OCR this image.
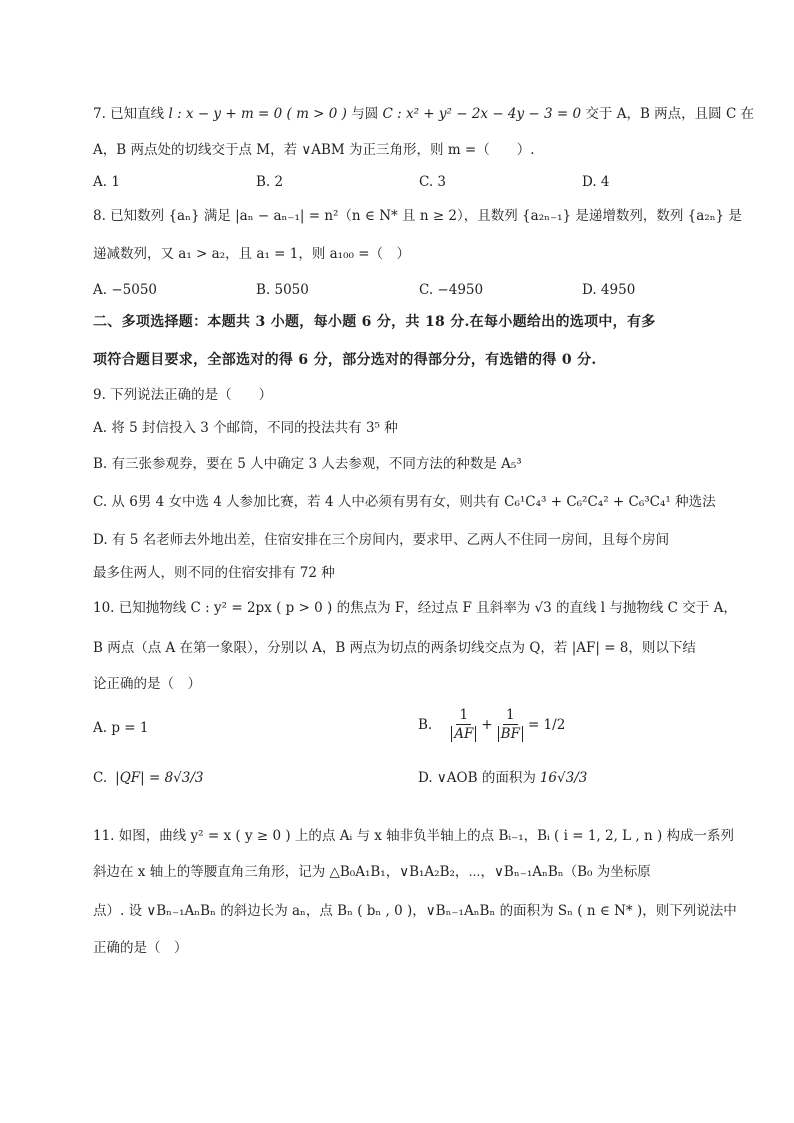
7. 已知直线 l : x − y + m = 0 ( m > 0 ) 与圆 C : x² + y² − 2x − 4y − 3 = 0 交于 A，B 两点，且圆 C 在
A，B 两点处的切线交于点 M，若 ∨ABM 为正三角形，则 m =（　　）.
A. 1	B. 2	C. 3	D. 4
8. 已知数列 {aₙ} 满足 |aₙ − aₙ₋₁| = n²（n ∈ N* 且 n ≥ 2），且数列 {a₂ₙ₋₁} 是递增数列，数列 {a₂ₙ} 是
递减数列，又 a₁ > a₂，且 a₁ = 1，则 a₁₀₀ =（　）
A. −5050	B. 5050	C. −4950	D. 4950
二、多项选择题：本题共 3 小题，每小题 6 分，共 18 分.在每小题给出的选项中，有多
项符合题目要求，全部选对的得 6 分，部分选对的得部分分，有选错的得 0 分.
9. 下列说法正确的是（　　）
A. 将 5 封信投入 3 个邮筒，不同的投法共有 3⁵ 种
B. 有三张参观券，要在 5 人中确定 3 人去参观，不同方法的种数是 A₅³
C. 从 6男 4 女中选 4 人参加比赛，若 4 人中必须有男有女，则共有 C₆¹C₄³ + C₆²C₄² + C₆³C₄¹ 种选法
D. 有 5 名老师去外地出差，住宿安排在三个房间内，要求甲、乙两人不住同一房间，且每个房间
最多住两人，则不同的住宿安排有 72 种
10. 已知抛物线 C : y² = 2px ( p > 0 ) 的焦点为 F，经过点 F 且斜率为 √3 的直线 l 与抛物线 C 交于 A，
B 两点（点 A 在第一象限），分别以 A，B 两点为切点的两条切线交点为 Q，若 |AF| = 8，则以下结
论正确的是（　）
A. p = 1	B. $\frac{1}{AF} + \frac{1}{BF} = 1/2$
C. |QF| = 8√3/3	D. ∨AOB 的面积为 16√3/3
11. 如图，曲线 y² = x ( y ≥ 0 ) 上的点 Aᵢ 与 x 轴非负半轴上的点 Bᵢ₋₁，Bᵢ ( i = 1, 2, L , n ) 构成一系列
斜边在 x 轴上的等腰直角三角形，记为 △B₀A₁B₁，∨B₁A₂B₂，⋯，∨Bₙ₋₁AₙBₙ（B₀ 为坐标原
点）. 设 ∨Bₙ₋₁AₙBₙ 的斜边长为 aₙ，点 Bₙ ( bₙ , 0 )，∨Bₙ₋₁AₙBₙ 的面积为 Sₙ ( n ∈ N* )，则下列说法中
正确的是（　）
